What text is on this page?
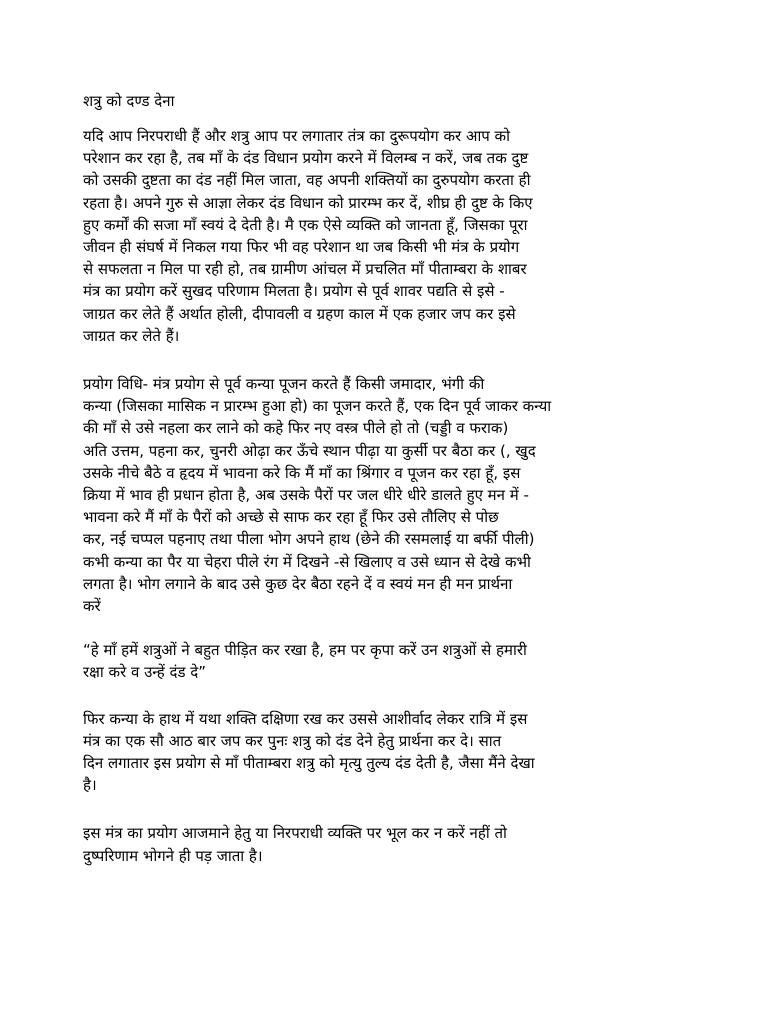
शत्रु को दण्ड देना
यदि आप निरपराधी हैं और शत्रु आप पर लगातार तंत्र का दुरूपयोग कर आप को
परेशान कर रहा है, तब माँ के दंड विधान प्रयोग करने में विलम्ब न करें, जब तक दुष्ट
को उसकी दुष्टता का दंड नहीं मिल जाता, वह अपनी शक्तियों का दुरुपयोग करता ही
रहता है। अपने गुरु से आज्ञा लेकर दंड विधान को प्रारम्भ कर दें, शीघ्र ही दुष्ट के किए
हुए कर्मों की सजा माँ स्वयं दे देती है। मै एक ऐसे व्यक्ति को जानता हूँ, जिसका पूरा
जीवन ही संघर्ष में निकल गया फिर भी वह परेशान था जब किसी भी मंत्र के प्रयोग
से सफलता न मिल पा रही हो, तब ग्रामीण आंचल में प्रचलित माँ पीताम्बरा के शाबर
मंत्र का प्रयोग करें सुखद परिणाम मिलता है। प्रयोग से पूर्व शावर पद्यति से इसे -
जाग्रत कर लेते हैं अर्थात होली, दीपावली व ग्रहण काल में एक हजार जप कर इसे
जाग्रत कर लेते हैं।
प्रयोग विधि- मंत्र प्रयोग से पूर्व कन्या पूजन करते हैं किसी जमादार, भंगी की
कन्या (जिसका मासिक न प्रारम्भ हुआ हो) का पूजन करते हैं, एक दिन पूर्व जाकर कन्या
की माँ से उसे नहला कर लाने को कहे फिर नए वस्त्र पीले हो तो (चड्डी व फराक)
अति उत्तम, पहना कर, चुनरी ओढ़ा कर ऊँचे स्थान पीढ़ा या कुर्सी पर बैठा कर (, खुद
उसके नीचे बैठे व हृदय में भावना करे कि मैं माँ का श्रिंगार व पूजन कर रहा हूँ, इस
क्रिया में भाव ही प्रधान होता है, अब उसके पैरों पर जल धीरे धीरे डालते हुए मन में -
भावना करे मैं माँ के पैरों को अच्छे से साफ कर रहा हूँ फिर उसे तौलिए से पोछ
कर, नई चप्पल पहनाए तथा पीला भोग अपने हाथ (छेने की रसमलाई या बर्फी पीली)
कभी कन्या का पैर या चेहरा पीले रंग में दिखने -से खिलाए व उसे ध्यान से देखे कभी
लगता है। भोग लगाने के बाद उसे कुछ देर बैठा रहने दें व स्वयं मन ही मन प्रार्थना
करें
“हे माँ हमें शत्रुओं ने बहुत पीड़ित कर रखा है, हम पर कृपा करें उन शत्रुओं से हमारी
रक्षा करे व उन्हें दंड दे”
फिर कन्या के हाथ में यथा शक्ति दक्षिणा रख कर उससे आशीर्वाद लेकर रात्रि में इस
मंत्र का एक सौ आठ बार जप कर पुनः शत्रु को दंड देने हेतु प्रार्थना कर दे। सात
दिन लगातार इस प्रयोग से माँ पीताम्बरा शत्रु को मृत्यु तुल्य दंड देती है, जैसा मैंने देखा
है।
इस मंत्र का प्रयोग आजमाने हेतु या निरपराधी व्यक्ति पर भूल कर न करें नहीं तो
दुष्परिणाम भोगने ही पड़ जाता है।
